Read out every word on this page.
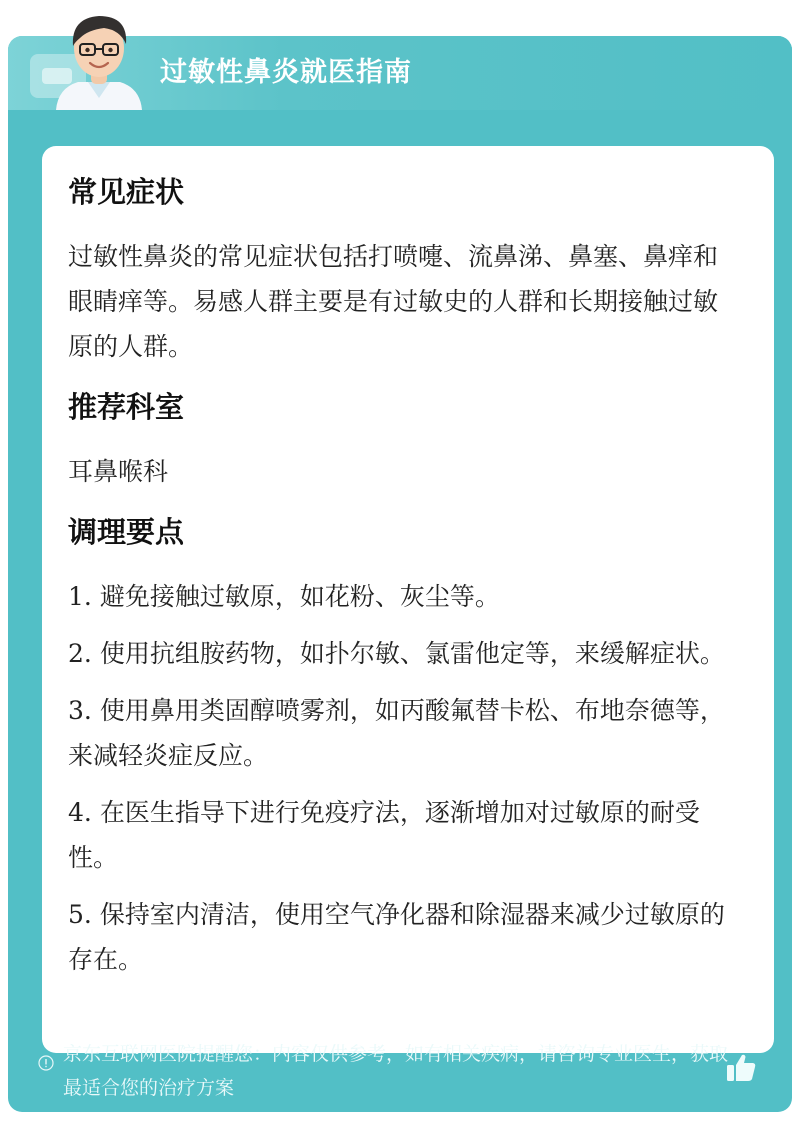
过敏性鼻炎就医指南
常见症状
过敏性鼻炎的常见症状包括打喷嚏、流鼻涕、鼻塞、鼻痒和眼睛痒等。易感人群主要是有过敏史的人群和长期接触过敏原的人群。
推荐科室
耳鼻喉科
调理要点
1. 避免接触过敏原，如花粉、灰尘等。
2. 使用抗组胺药物，如扑尔敏、氯雷他定等，来缓解症状。
3. 使用鼻用类固醇喷雾剂，如丙酸氟替卡松、布地奈德等，来减轻炎症反应。
4. 在医生指导下进行免疫疗法，逐渐增加对过敏原的耐受性。
5. 保持室内清洁，使用空气净化器和除湿器来减少过敏原的存在。
京东互联网医院提醒您：内容仅供参考，如有相关疾病，请咨询专业医生，获取最适合您的治疗方案
